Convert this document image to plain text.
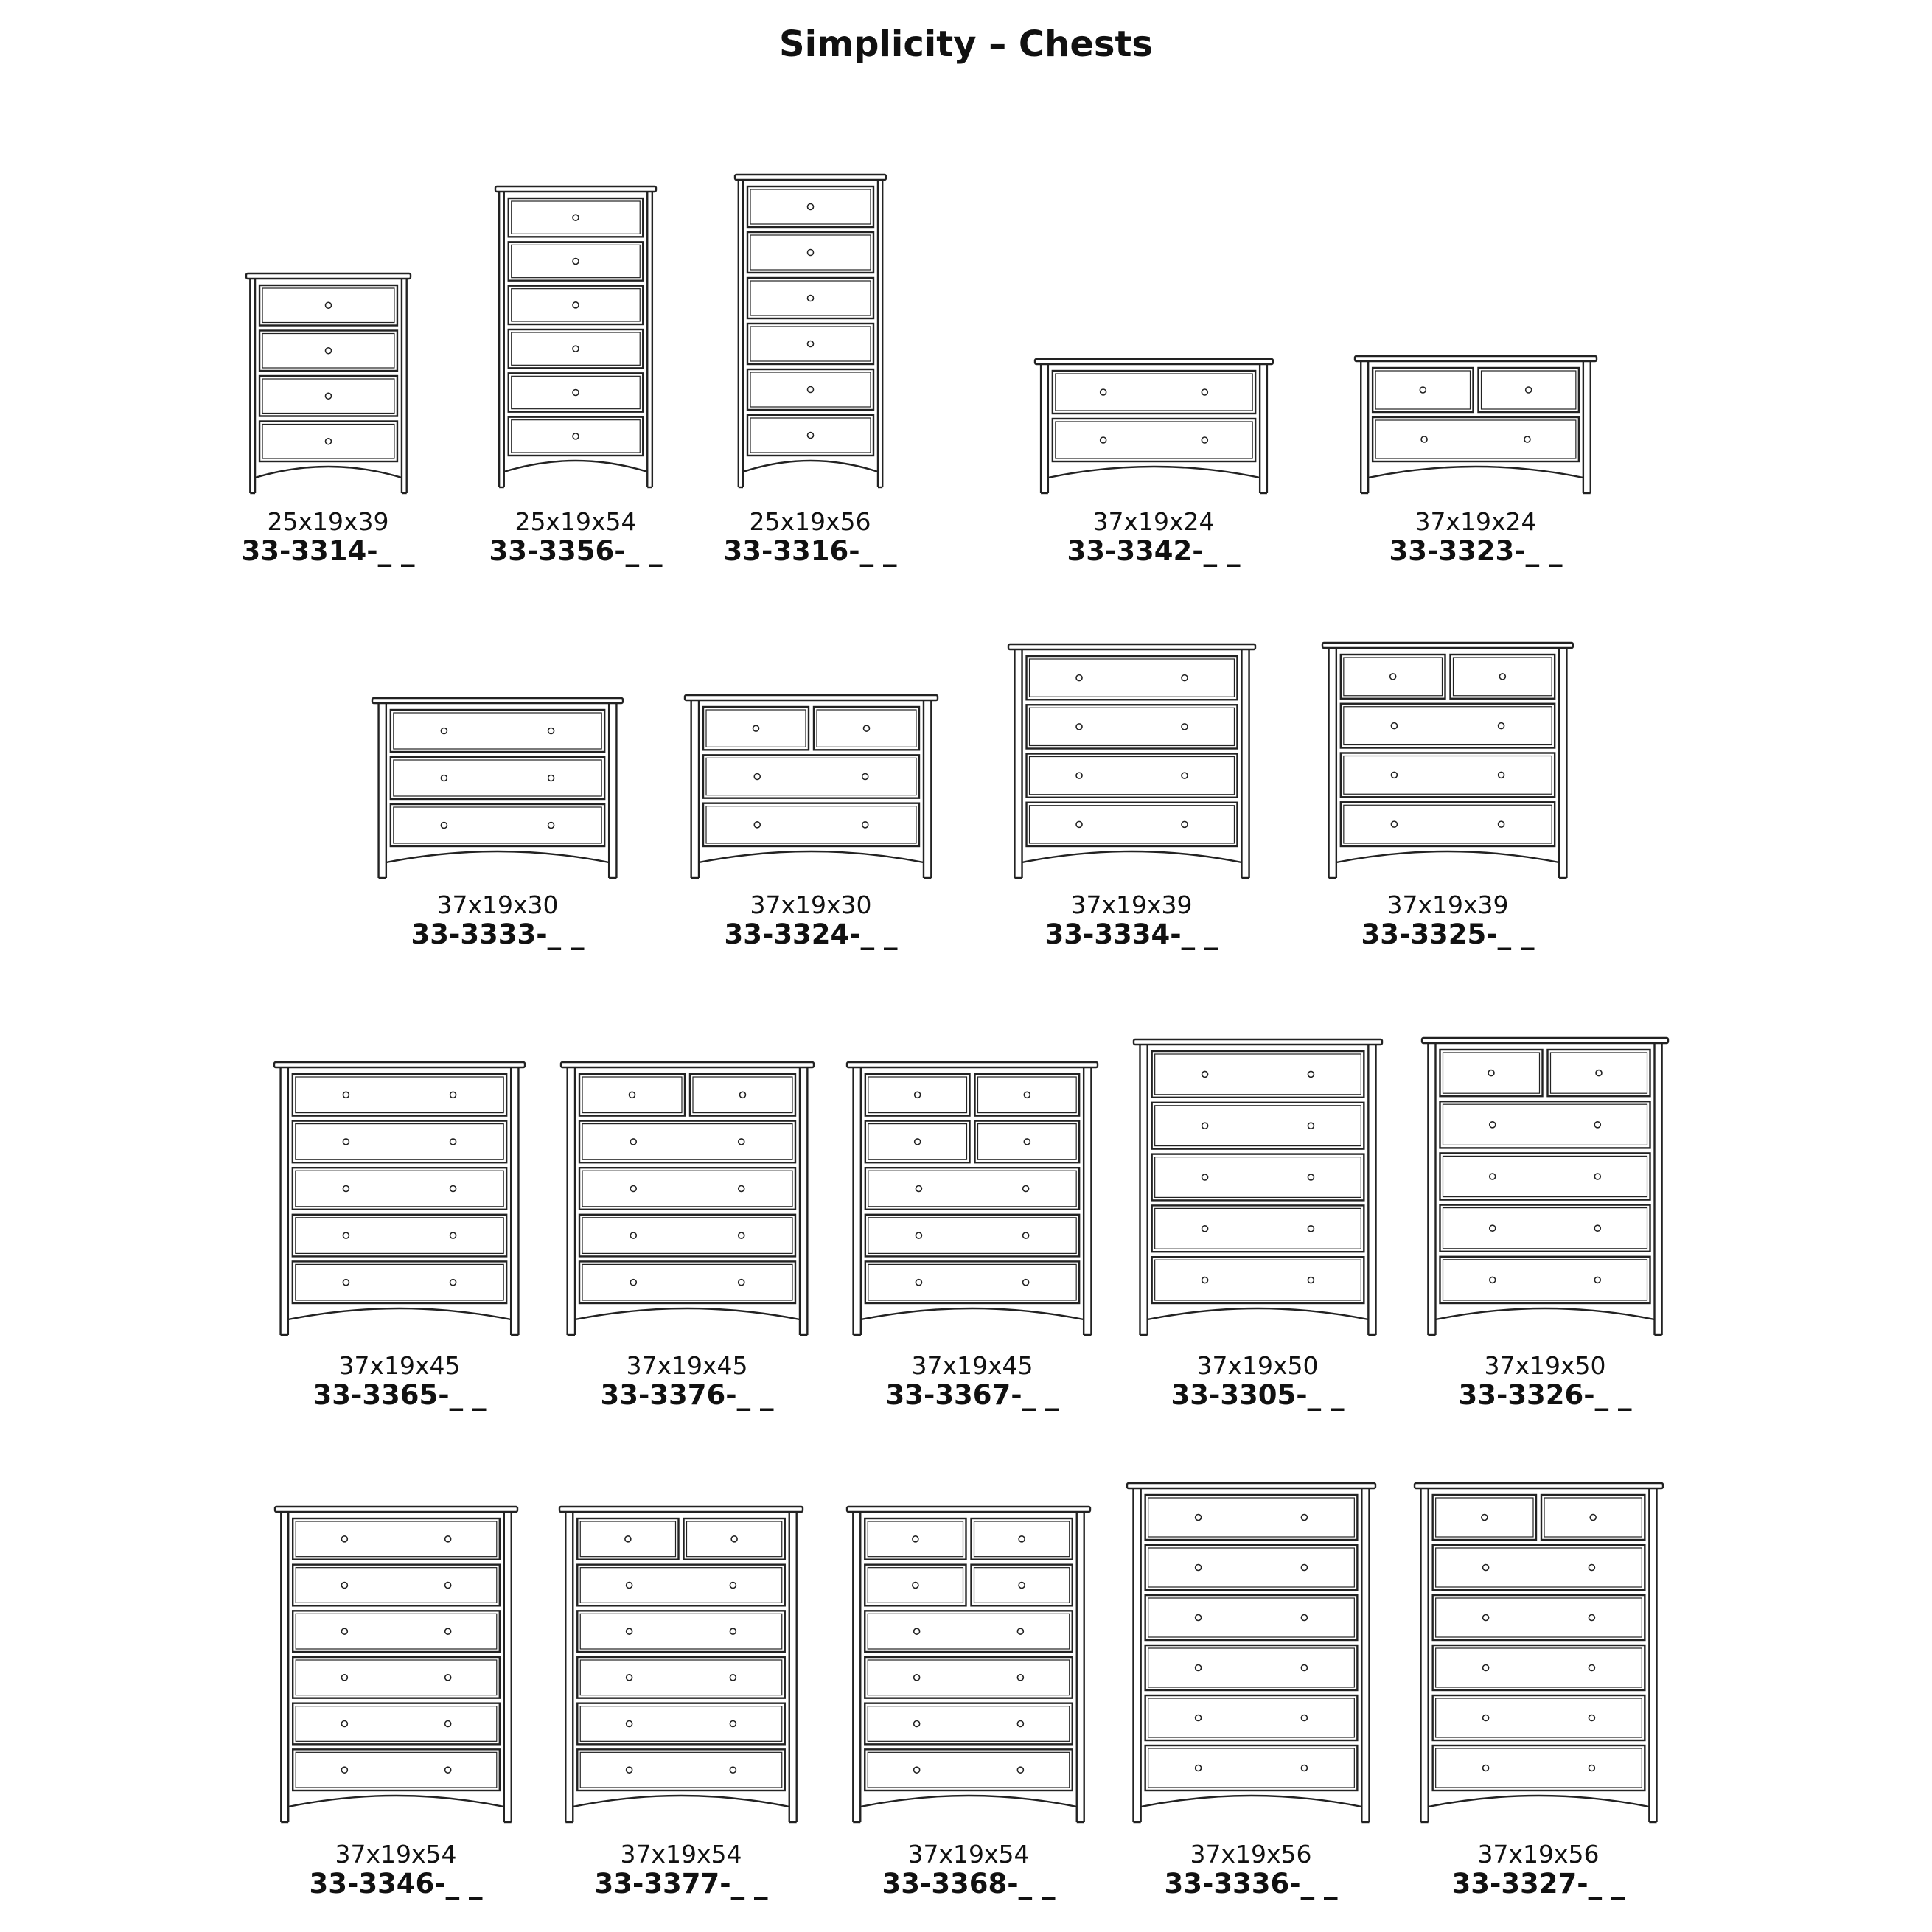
Simplicity – Chests
25x19x39
33-3314-_ _
25x19x54
33-3356-_ _
25x19x56
33-3316-_ _
37x19x24
33-3342-_ _
37x19x24
33-3323-_ _
37x19x30
33-3333-_ _
37x19x30
33-3324-_ _
37x19x39
33-3334-_ _
37x19x39
33-3325-_ _
37x19x45
33-3365-_ _
37x19x45
33-3376-_ _
37x19x45
33-3367-_ _
37x19x50
33-3305-_ _
37x19x50
33-3326-_ _
37x19x54
33-3346-_ _
37x19x54
33-3377-_ _
37x19x54
33-3368-_ _
37x19x56
33-3336-_ _
37x19x56
33-3327-_ _
